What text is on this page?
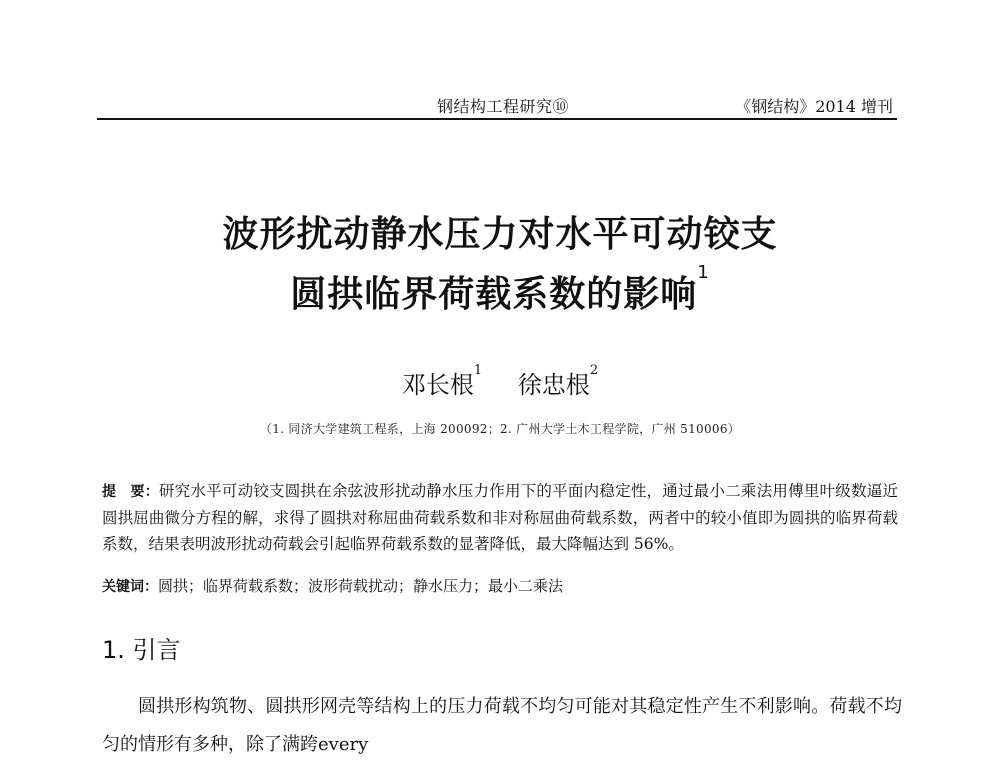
钢结构工程研究⑩	《钢结构》2014 增刊
波形扰动静水压力对水平可动铰支
圆拱临界荷载系数的影响$^1$
邓长根$^1$ 徐忠根$^2$
（1. 同济大学建筑工程系，上海 200092；2. 广州大学土木工程学院，广州 510006）
提　要：研究水平可动铰支圆拱在余弦波形扰动静水压力作用下的平面内稳定性，通过最小二乘法用傅里叶级数逼近圆拱屈曲微分方程的解，求得了圆拱对称屈曲荷载系数和非对称屈曲荷载系数，两者中的较小值即为圆拱的临界荷载系数，结果表明波形扰动荷载会引起临界荷载系数的显著降低，最大降幅达到 56%。
关键词：圆拱；临界荷载系数；波形荷载扰动；静水压力；最小二乘法
1. 引言
圆拱形构筑物、圆拱形网壳等结构上的压力荷载不均匀可能对其稳定性产生不利影响。荷载不均匀的情形有多种，除了满跨every
